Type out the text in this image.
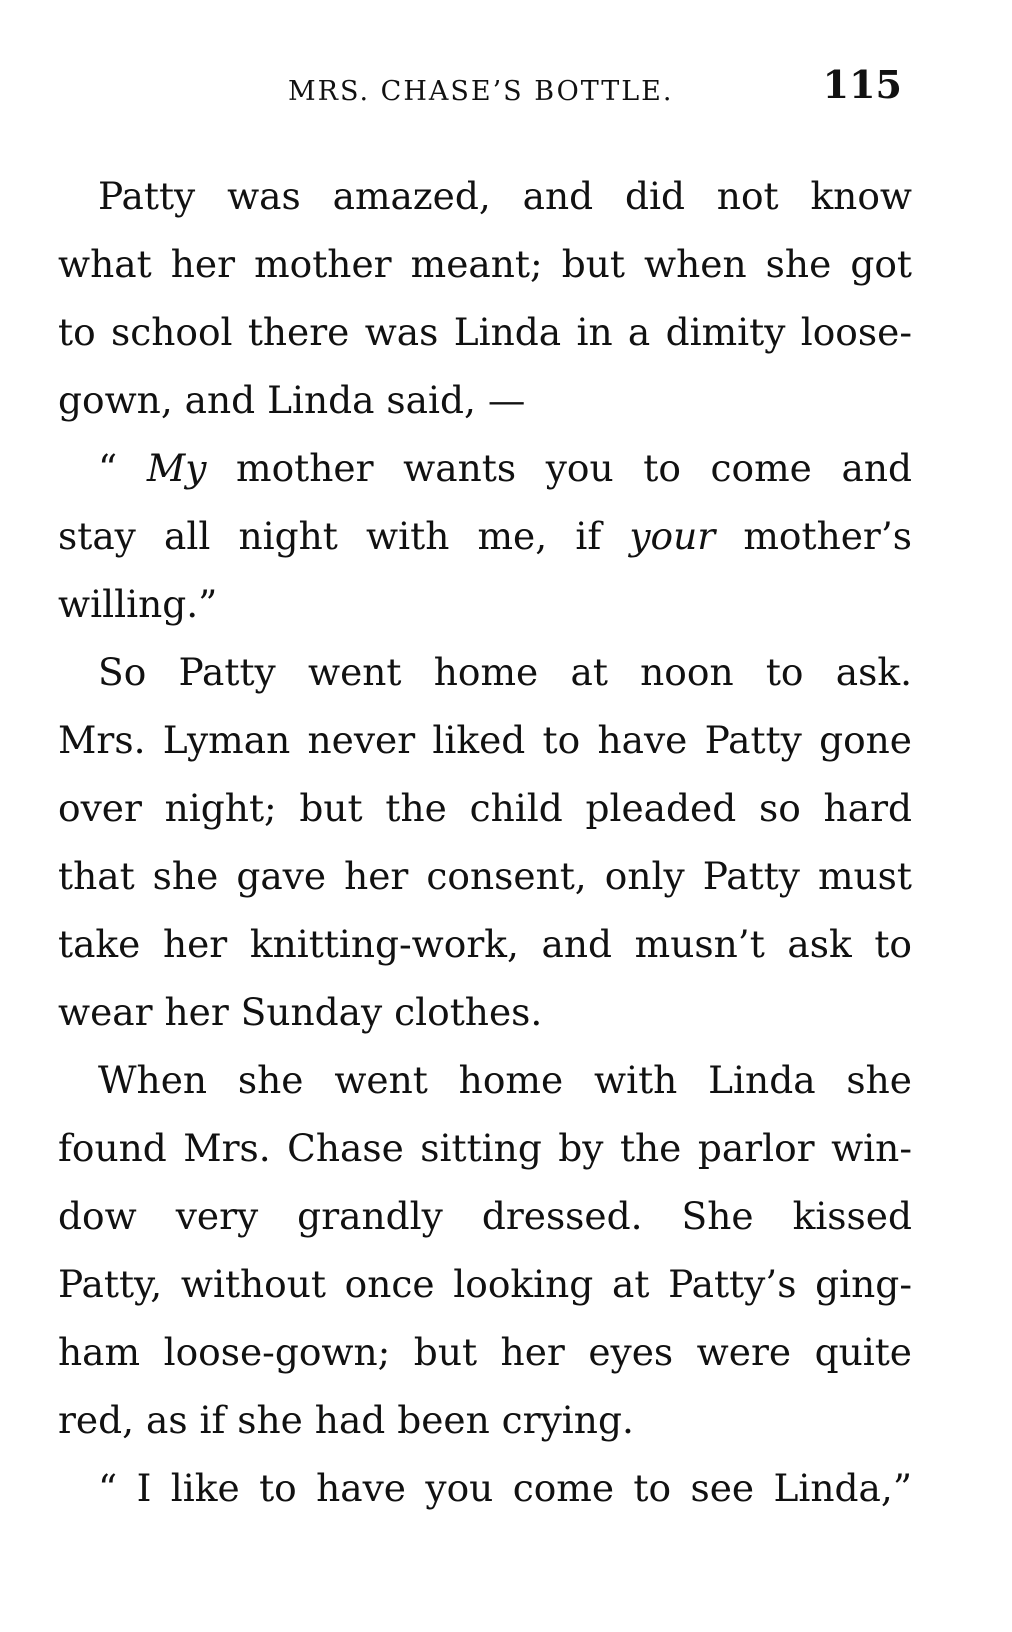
MRS. CHASE’S BOTTLE.	115
Patty was amazed, and did not know
what her mother meant; but when she got
to school there was Linda in a dimity loose-
gown, and Linda said, —
“ My mother wants you to come and
stay all night with me, if your mother’s
willing.”
So Patty went home at noon to ask.
Mrs. Lyman never liked to have Patty gone
over night; but the child pleaded so hard
that she gave her consent, only Patty must
take her knitting-work, and musn’t ask to
wear her Sunday clothes.
When she went home with Linda she
found Mrs. Chase sitting by the parlor win-
dow very grandly dressed. She kissed
Patty, without once looking at Patty’s ging-
ham loose-gown; but her eyes were quite
red, as if she had been crying.
“ I like to have you come to see Linda,”
